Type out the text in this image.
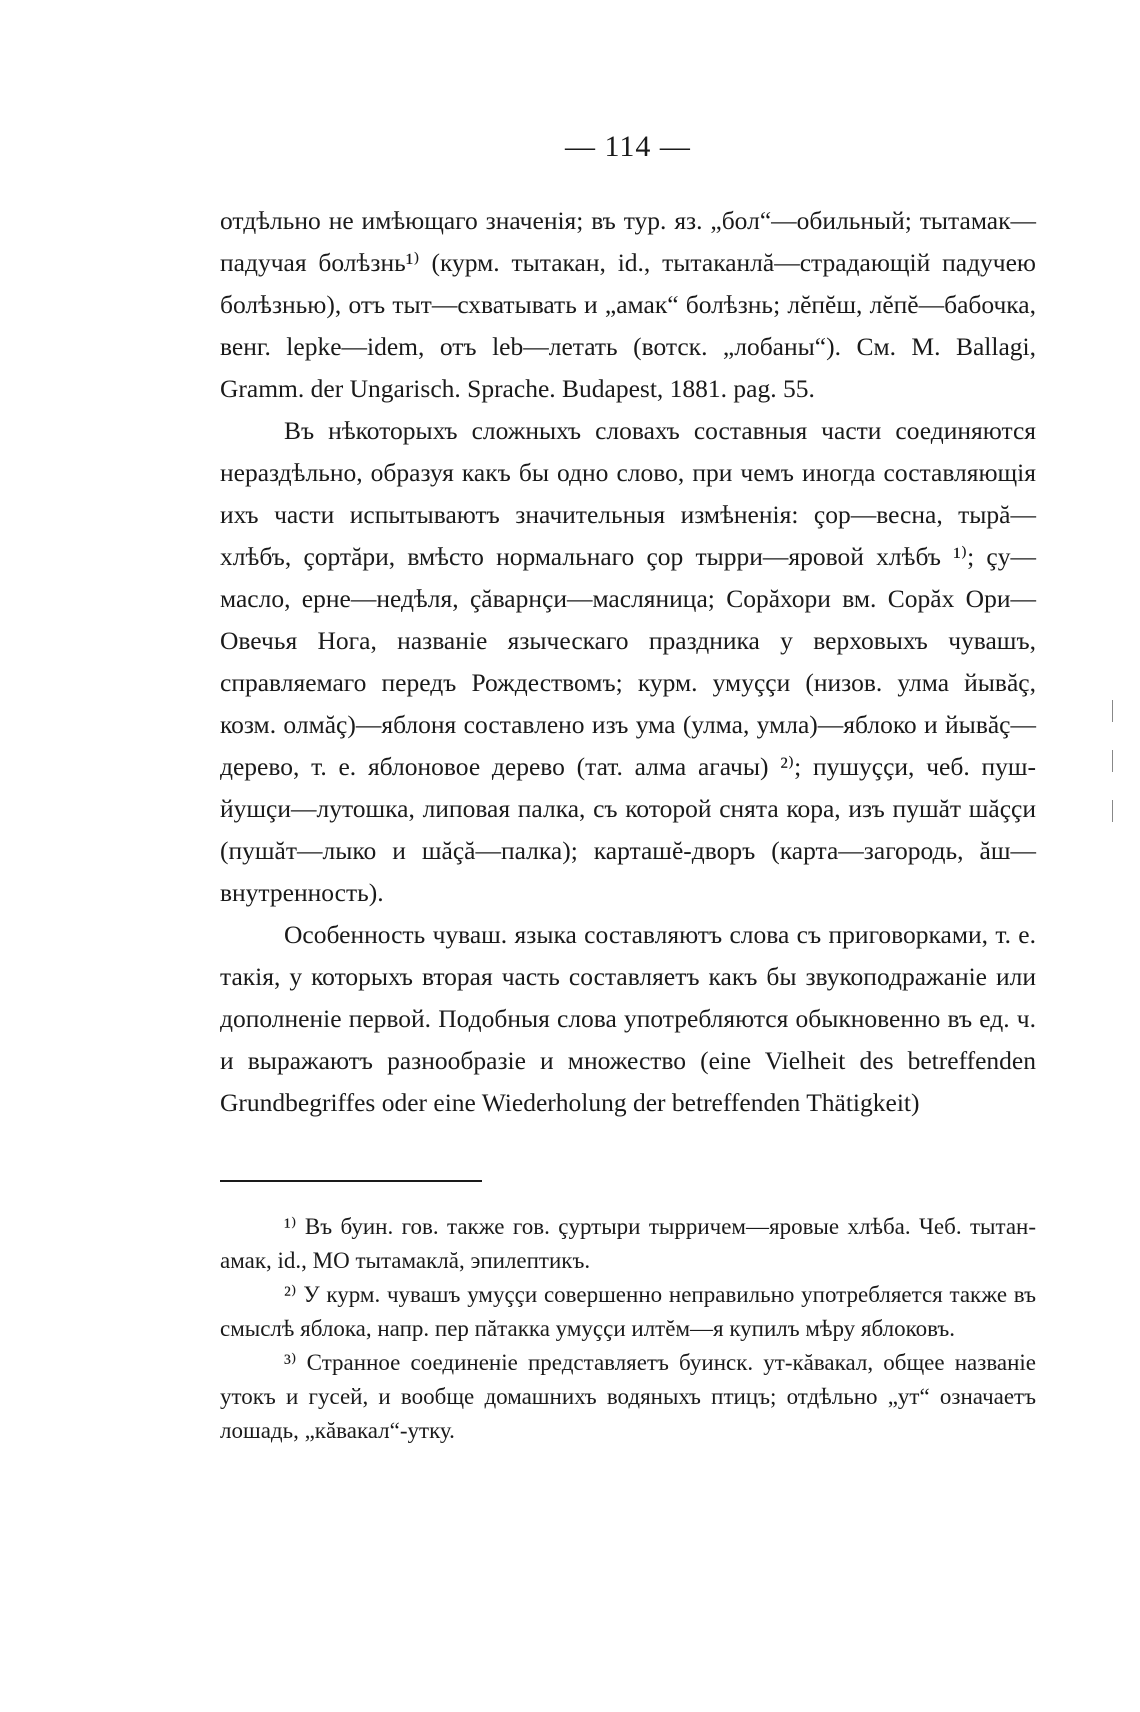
— 114 —

отдѣльно не имѣющаго значенія; въ тур. яз. „бол“—обильный; тытамак—падучая болѣзнь¹⁾ (курм. тытакан, id., тытаканлă—страдающій падучею болѣзнью), отъ тыт—схватывать и „амак“ болѣзнь; лĕпĕш, лĕпĕ—бабочка, венг. lepke—idem, отъ leb—летать (вотск. „лобаны“). См. M. Ballagi, Gramm. der Ungarisch. Sprache. Budapest, 1881. pag. 55.

Въ нѣкоторыхъ сложныхъ словахъ составныя части соединяются нераздѣльно, образуя какъ бы одно слово, при чемъ иногда составляющія ихъ части испытываютъ значительныя измѣненія: çор—весна, тырă—хлѣбъ, çортăри, вмѣсто нормальнаго çор тырри—яровой хлѣбъ ¹⁾; çу—масло, ерне—недѣля, çăварнçи—масляница; Сорăхори вм. Сорăх Ори—Овечья Нога, названіе языческаго праздника у верховыхъ чувашъ, справляемаго передъ Рождествомъ; курм. умуççи (низов. улма йывăç, козм. олмăç)—яблоня составлено изъ ума (улма, умла)—яблоко и йывăç—дерево, т. е. яблоновое дерево (тат. алма агачы) ²⁾; пушуççи, чеб. пуш-йушçи—лутошка, липовая палка, съ которой снята кора, изъ пушăт шăççи (пушăт—лыко и шăçă—палка); карташĕ-дворъ (карта—загородь, ăш—внутренность).

Особенность чуваш. языка составляютъ слова съ приговорками, т. е. такія, у которыхъ вторая часть составляетъ какъ бы звукоподражаніе или дополненіе первой. Подобныя слова употребляются обыкновенно въ ед. ч. и выражаютъ разнообразіе и множество (eine Vielheit des betreffenden Grundbegriffes oder eine Wiederholung der betreffenden Thätigkeit)

¹⁾ Въ буин. гов. также гов. çуртыри тырричем—яровые хлѣба. Чеб. тытан-амак, id., МО тытамаклă, эпилептикъ.

²⁾ У курм. чувашъ умуççи совершенно неправильно употребляется также въ смыслѣ яблока, напр. пер пăтакка умуççи илтĕм—я купилъ мѣру яблоковъ.

³⁾ Странное соединеніе представляетъ буинск. ут-кăвакал, общее названіе утокъ и гусей, и вообще домашнихъ водяныхъ птицъ; отдѣльно „ут“ означаетъ лошадь, „кăвакал“-утку.
